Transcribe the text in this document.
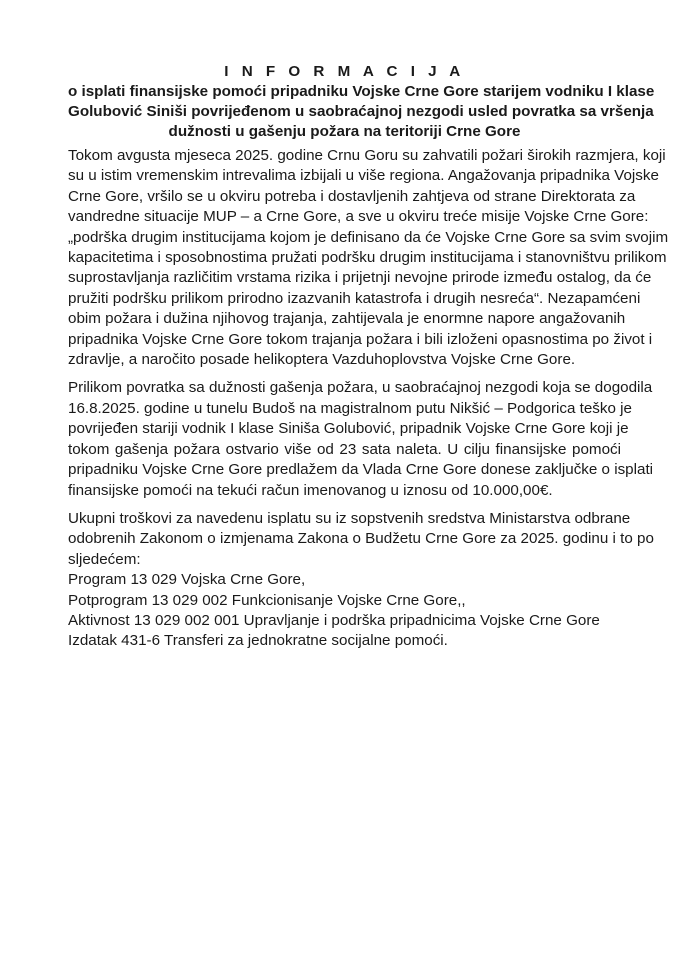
I N F O R M A C I J A

o isplati finansijske pomoći pripadniku Vojske Crne Gore starijem vodniku I klase
Golubović Siniši povrijeđenom u saobraćajnoj nezgodi usled povratka sa vršenja
dužnosti u gašenju požara na teritoriji Crne Gore

Tokom avgusta mjeseca 2025. godine Crnu Goru su zahvatili požari širokih razmjera, koji
su u istim vremenskim intrevalima izbijali u više regiona. Angažovanja pripadnika Vojske
Crne Gore, vršilo se u okviru potreba i dostavljenih zahtjeva od strane Direktorata za
vandredne situacije MUP – a Crne Gore, a sve u okviru treće misije Vojske Crne Gore:
„podrška drugim institucijama kojom je definisano da će Vojske Crne Gore sa svim svojim
kapacitetima i sposobnostima pružati podršku drugim institucijama i stanovništvu prilikom
suprostavljanja različitim vrstama rizika i prijetnji nevojne prirode između ostalog, da će
pružiti podršku prilikom prirodno izazvanih katastrofa i drugih nesreća“. Nezapamćeni
obim požara i dužina njihovog trajanja, zahtijevala je enormne napore angažovanih
pripadnika Vojske Crne Gore tokom trajanja požara i bili izloženi opasnostima po život i
zdravlje, a naročito posade helikoptera Vazduhoplovstva Vojske Crne Gore.
Prilikom povratka sa dužnosti gašenja požara, u saobraćajnoj nezgodi koja se dogodila
16.8.2025. godine u tunelu Budoš na magistralnom putu Nikšić – Podgorica teško je
povrijeđen stariji vodnik I klase Siniša Golubović, pripadnik Vojske Crne Gore koji je
tokom gašenja požara ostvario više od 23 sata naleta. U cilju finansijske pomoći
pripadniku Vojske Crne Gore predlažem da Vlada Crne Gore donese zaključke o isplati
finansijske pomoći na tekući račun imenovanog u iznosu od 10.000,00€.
Ukupni troškovi za navedenu isplatu su iz sopstvenih sredstva Ministarstva odbrane
odobrenih Zakonom o izmjenama Zakona o Budžetu Crne Gore za 2025. godinu i to po
sljedećem:
Program 13 029 Vojska Crne Gore,
Potprogram 13 029 002 Funkcionisanje Vojske Crne Gore,,
Aktivnost 13 029 002 001 Upravljanje i podrška pripadnicima Vojske Crne Gore
Izdatak 431-6 Transferi za jednokratne socijalne pomoći.
